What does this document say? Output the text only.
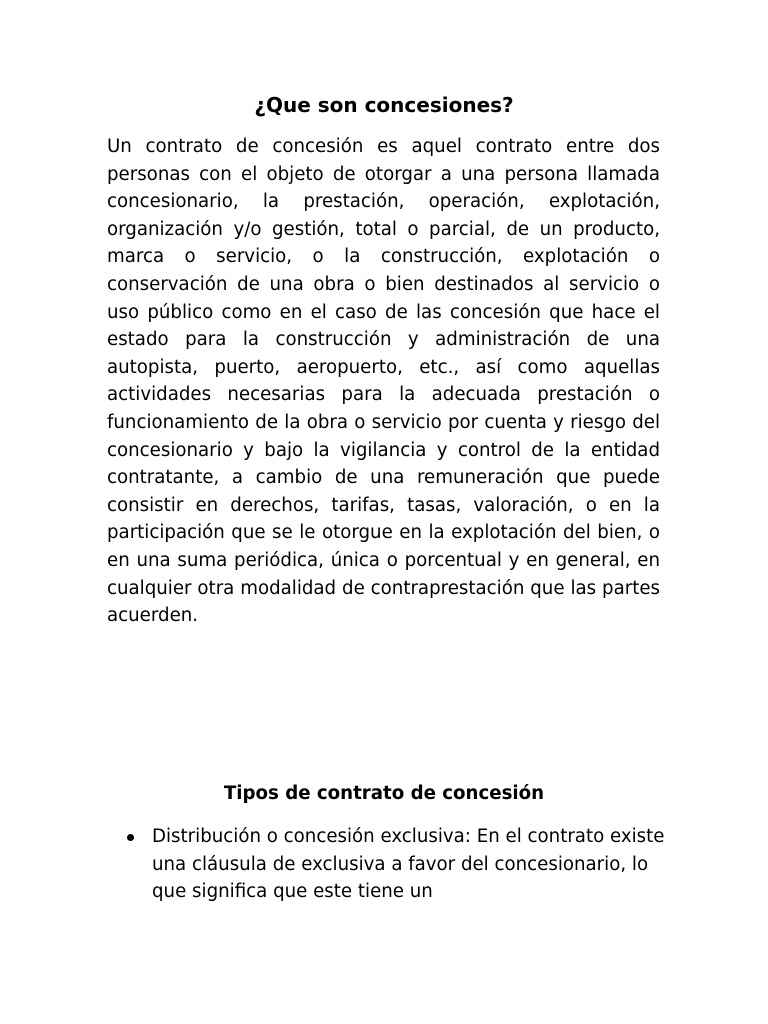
¿Que son concesiones?

Un contrato de concesión es aquel contrato entre dos personas con el objeto de otorgar a una persona llamada concesionario, la prestación, operación, explotación, organización y/o gestión, total o parcial, de un producto, marca o servicio, o la construcción, explotación o conservación de una obra o bien destinados al servicio o uso público como en el caso de las concesión que hace el estado para la construcción y administración de una autopista, puerto, aeropuerto, etc., así como aquellas actividades necesarias para la adecuada prestación o funcionamiento de la obra o servicio por cuenta y riesgo del concesionario y bajo la vigilancia y control de la entidad contratante, a cambio de una remuneración que puede consistir en derechos, tarifas, tasas, valoración, o en la participación que se le otorgue en la explotación del bien, o en una suma periódica, única o porcentual y en general, en cualquier otra modalidad de contraprestación que las partes acuerden.

Tipos de contrato de concesión
Distribución o concesión exclusiva: En el contrato existe una cláusula de exclusiva a favor del concesionario, lo que significa que este tiene un
